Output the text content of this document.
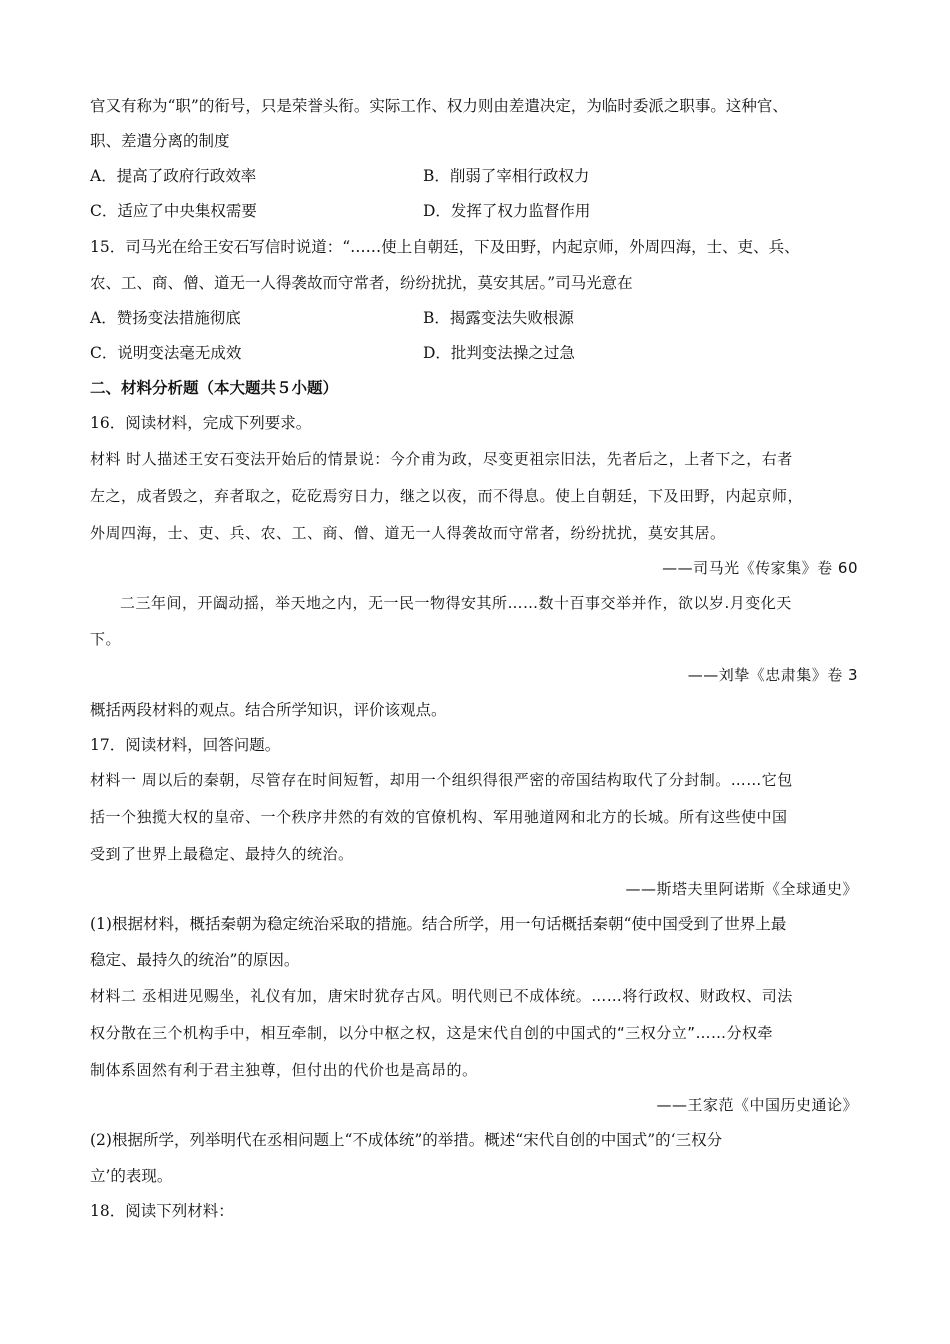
官又有称为“职”的衔号，只是荣誉头衔。实际工作、权力则由差遣决定，为临时委派之职事。这种官、
职、差遣分离的制度
A．提高了政府行政效率	B．削弱了宰相行政权力
C．适应了中央集权需要	D．发挥了权力监督作用
15．司马光在给王安石写信时说道：“……使上自朝廷，下及田野，内起京师，外周四海，士、吏、兵、
农、工、商、僧、道无一人得袭故而守常者，纷纷扰扰，莫安其居。”司马光意在
A．赞扬变法措施彻底	B．揭露变法失败根源
C．说明变法毫无成效	D．批判变法操之过急
二、材料分析题（本大题共５小题）
16．阅读材料，完成下列要求。
材料 时人描述王安石变法开始后的情景说：今介甫为政，尽变更祖宗旧法，先者后之，上者下之，右者
左之，成者毁之，弃者取之，矻矻焉穷日力，继之以夜，而不得息。使上自朝廷，下及田野，内起京师，
外周四海，士、吏、兵、农、工、商、僧、道无一人得袭故而守常者，纷纷扰扰，莫安其居。
——司马光《传家集》卷 60
二三年间，开阖动摇，举天地之内，无一民一物得安其所……数十百事交举并作，欲以岁.月变化天
下。
——刘挚《忠肃集》卷 3
概括两段材料的观点。结合所学知识，评价该观点。
17．阅读材料，回答问题。
材料一 周以后的秦朝，尽管存在时间短暂，却用一个组织得很严密的帝国结构取代了分封制。……它包
括一个独揽大权的皇帝、一个秩序井然的有效的官僚机构、军用驰道网和北方的长城。所有这些使中国
受到了世界上最稳定、最持久的统治。
——斯塔夫里阿诺斯《全球通史》
(1)根据材料，概括秦朝为稳定统治采取的措施。结合所学，用一句话概括秦朝“使中国受到了世界上最
稳定、最持久的统治”的原因。
材料二 丞相进见赐坐，礼仪有加，唐宋时犹存古风。明代则已不成体统。……将行政权、财政权、司法
权分散在三个机构手中，相互牵制，以分中枢之权，这是宋代自创的中国式的“三权分立”……分权牵
制体系固然有利于君主独尊，但付出的代价也是高昂的。
——王家范《中国历史通论》
(2)根据所学，列举明代在丞相问题上“不成体统”的举措。概述“宋代自创的中国式”的‘三权分
立’的表现。
18．阅读下列材料：
